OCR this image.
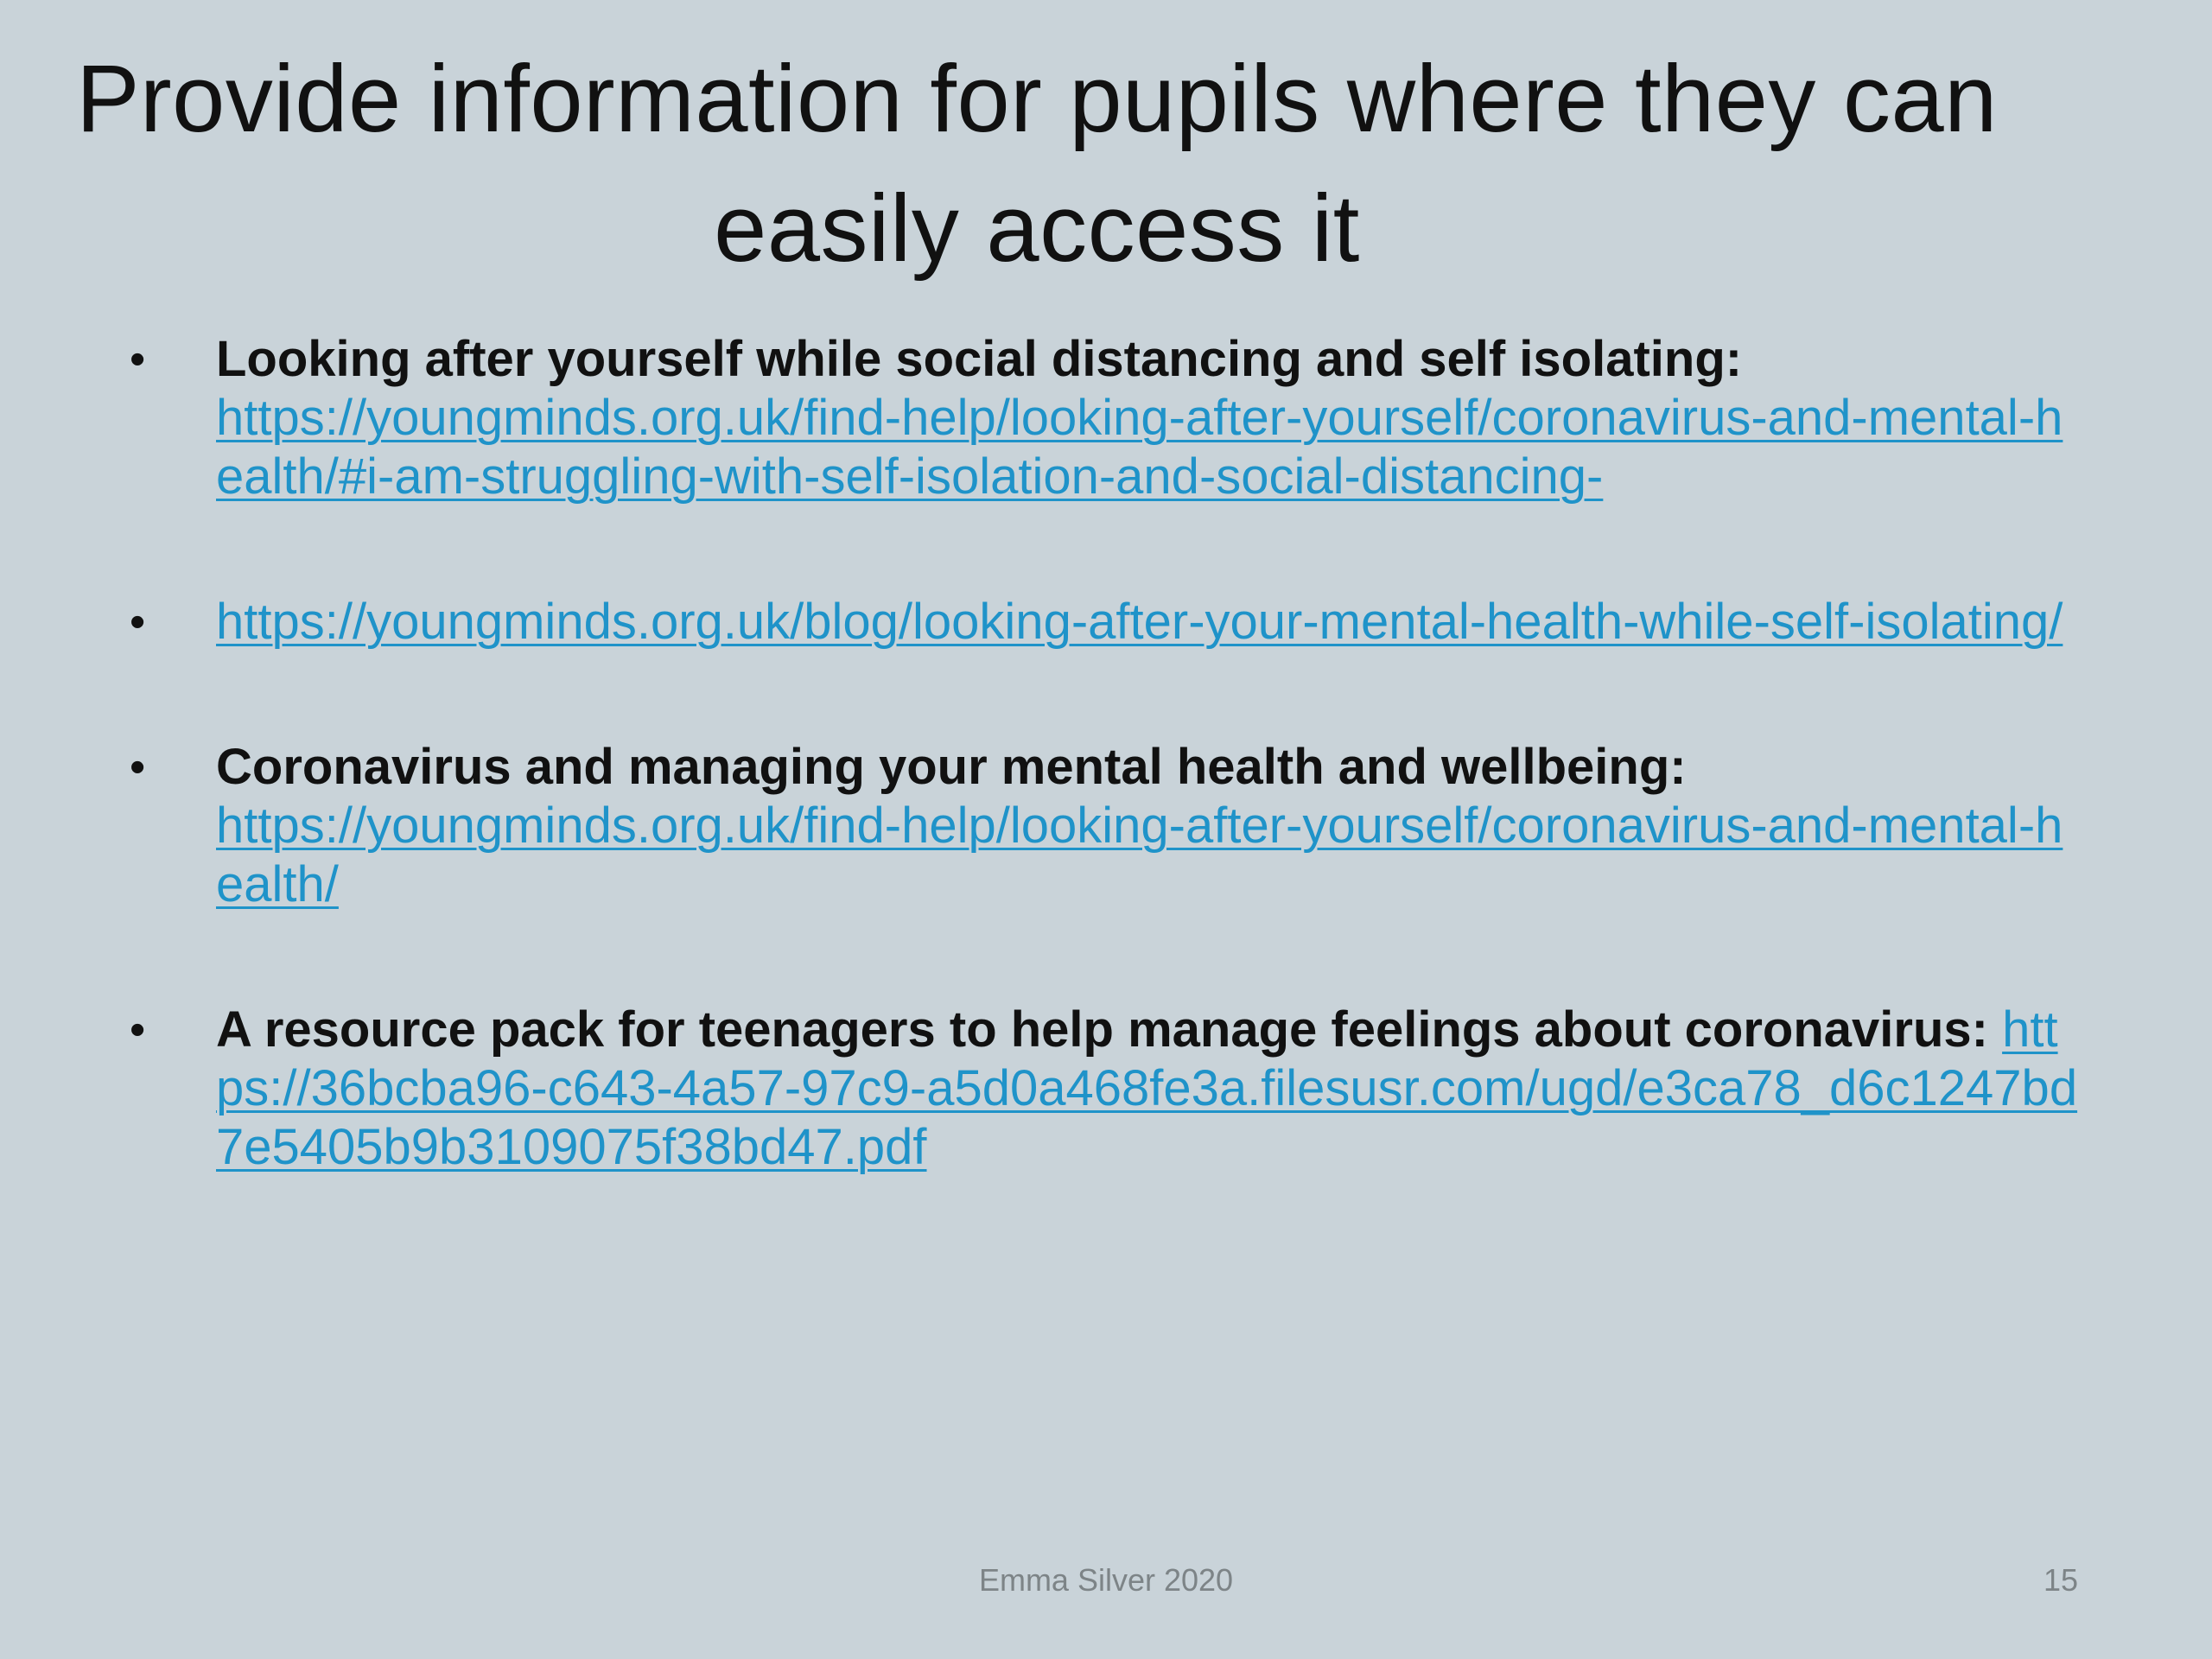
Provide information for pupils where they can easily access it
•	Looking after yourself while social distancing and self isolating:
https://youngminds.org.uk/find-help/looking-after-yourself/coronavirus-and-mental-health/#i-am-struggling-with-self-isolation-and-social-distancing-
•	https://youngminds.org.uk/blog/looking-after-your-mental-health-while-self-isolating/
•	Coronavirus and managing your mental health and wellbeing:
https://youngminds.org.uk/find-help/looking-after-yourself/coronavirus-and-mental-health/
•	A resource pack for teenagers to help manage feelings about coronavirus: https://36bcba96-c643-4a57-97c9-a5d0a468fe3a.filesusr.com/ugd/e3ca78_d6c1247bd7e5405b9b3109075f38bd47.pdf
Emma Silver 2020	15
